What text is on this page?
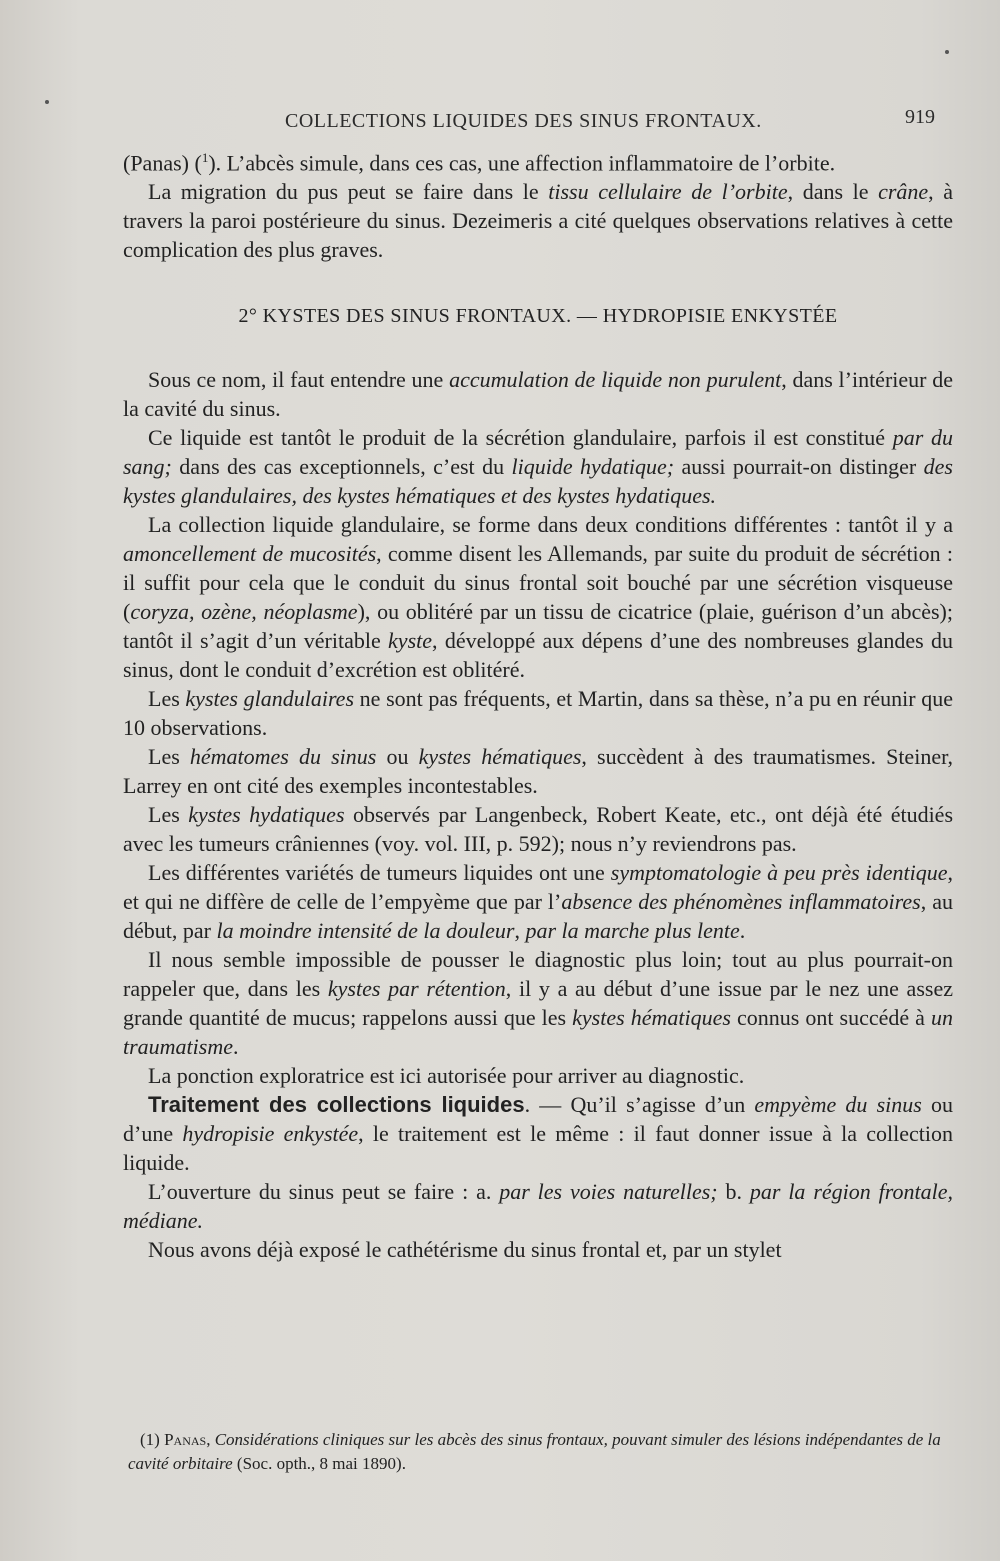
COLLECTIONS LIQUIDES DES SINUS FRONTAUX.	919

(Panas) ($^1$). L’abcès simule, dans ces cas, une affection inflammatoire de l’orbite.

La migration du pus peut se faire dans le tissu cellulaire de l’orbite, dans le crâne, à travers la paroi postérieure du sinus. Dezeimeris a cité quelques observations relatives à cette complication des plus graves.

2° KYSTES DES SINUS FRONTAUX. — HYDROPISIE ENKYSTÉE

Sous ce nom, il faut entendre une accumulation de liquide non purulent, dans l’intérieur de la cavité du sinus.

Ce liquide est tantôt le produit de la sécrétion glandulaire, parfois il est constitué par du sang; dans des cas exceptionnels, c’est du liquide hydatique; aussi pourrait-on distinger des kystes glandulaires, des kystes hématiques et des kystes hydatiques.

La collection liquide glandulaire, se forme dans deux conditions différentes : tantôt il y a amoncellement de mucosités, comme disent les Allemands, par suite du produit de sécrétion : il suffit pour cela que le conduit du sinus frontal soit bouché par une sécrétion visqueuse (coryza, ozène, néoplasme), ou oblitéré par un tissu de cicatrice (plaie, guérison d’un abcès); tantôt il s’agit d’un véritable kyste, développé aux dépens d’une des nombreuses glandes du sinus, dont le conduit d’excrétion est oblitéré.

Les kystes glandulaires ne sont pas fréquents, et Martin, dans sa thèse, n’a pu en réunir que 10 observations.

Les hématomes du sinus ou kystes hématiques, succèdent à des traumatismes. Steiner, Larrey en ont cité des exemples incontestables.

Les kystes hydatiques observés par Langenbeck, Robert Keate, etc., ont déjà été étudiés avec les tumeurs crâniennes (voy. vol. III, p. 592); nous n’y reviendrons pas.

Les différentes variétés de tumeurs liquides ont une symptomatologie à peu près identique, et qui ne diffère de celle de l’empyème que par l’absence des phénomènes inflammatoires, au début, par la moindre intensité de la douleur, par la marche plus lente.

Il nous semble impossible de pousser le diagnostic plus loin; tout au plus pourrait-on rappeler que, dans les kystes par rétention, il y a au début d’une issue par le nez une assez grande quantité de mucus; rappelons aussi que les kystes hématiques connus ont succédé à un traumatisme.

La ponction exploratrice est ici autorisée pour arriver au diagnostic.

Traitement des collections liquides. — Qu’il s’agisse d’un empyème du sinus ou d’une hydropisie enkystée, le traitement est le même : il faut donner issue à la collection liquide.

L’ouverture du sinus peut se faire : a. par les voies naturelles; b. par la région frontale, médiane.

Nous avons déjà exposé le cathétérisme du sinus frontal et, par un stylet

(1) Panas, Considérations cliniques sur les abcès des sinus frontaux, pouvant simuler des lésions indépendantes de la cavité orbitaire (Soc. opth., 8 mai 1890).
